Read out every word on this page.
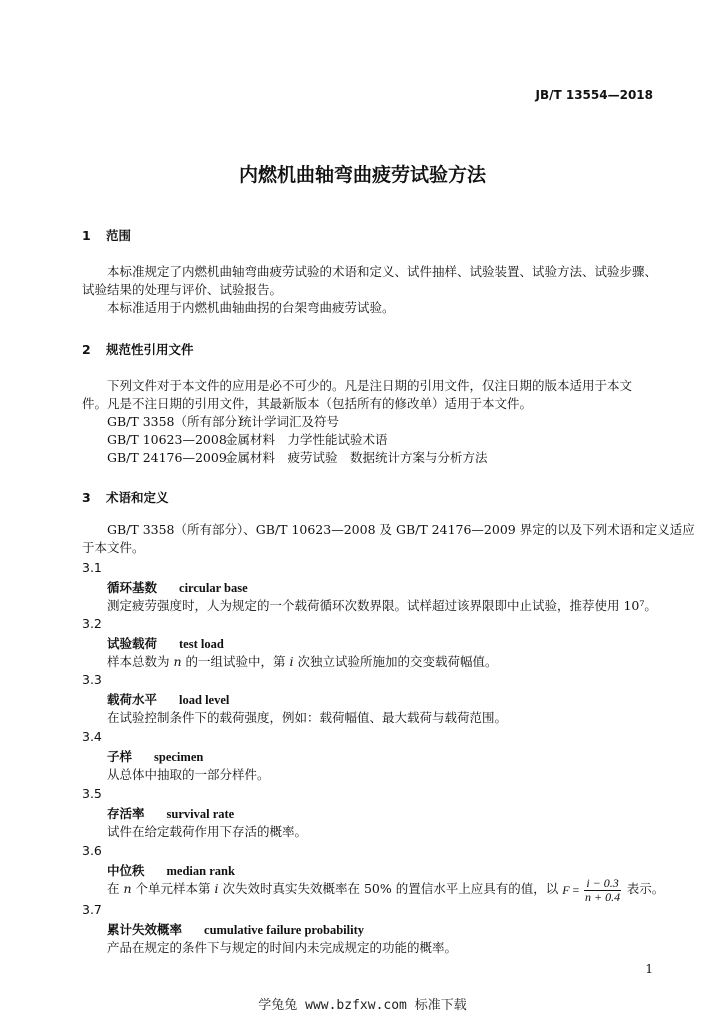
JB/T 13554—2018
内燃机曲轴弯曲疲劳试验方法
1 范围
本标准规定了内燃机曲轴弯曲疲劳试验的术语和定义、试件抽样、试验装置、试验方法、试验步骤、
试验结果的处理与评价、试验报告。
本标准适用于内燃机曲轴曲拐的台架弯曲疲劳试验。
2 规范性引用文件
下列文件对于本文件的应用是必不可少的。凡是注日期的引用文件，仅注日期的版本适用于本文
件。凡是不注日期的引用文件，其最新版本（包括所有的修改单）适用于本文件。
GB/T 3358（所有部分）统计学词汇及符号
GB/T 10623—2008金属材料　力学性能试验术语
GB/T 24176—2009金属材料　疲劳试验　数据统计方案与分析方法
3 术语和定义
GB/T 3358（所有部分）、GB/T 10623—2008 及 GB/T 24176—2009 界定的以及下列术语和定义适应
于本文件。
3.1
循环基数 circular base
测定疲劳强度时，人为规定的一个载荷循环次数界限。试样超过该界限即中止试验，推荐使用 10⁷。
3.2
试验载荷 test load
样本总数为 n 的一组试验中，第 i 次独立试验所施加的交变载荷幅值。
3.3
载荷水平 load level
在试验控制条件下的载荷强度，例如：载荷幅值、最大载荷与载荷范围。
3.4
子样 specimen
从总体中抽取的一部分样件。
3.5
存活率 survival rate
试件在给定载荷作用下存活的概率。
3.6
中位秩 median rank
在 n 个单元样本第 i 次失效时真实失效概率在 50% 的置信水平上应具有的值，以 $F = \frac{i - 0.3}{n + 0.4}$ 表示。
3.7
累计失效概率 cumulative failure probability
产品在规定的条件下与规定的时间内未完成规定的功能的概率。
1
学兔兔 www.bzfxw.com 标准下载
